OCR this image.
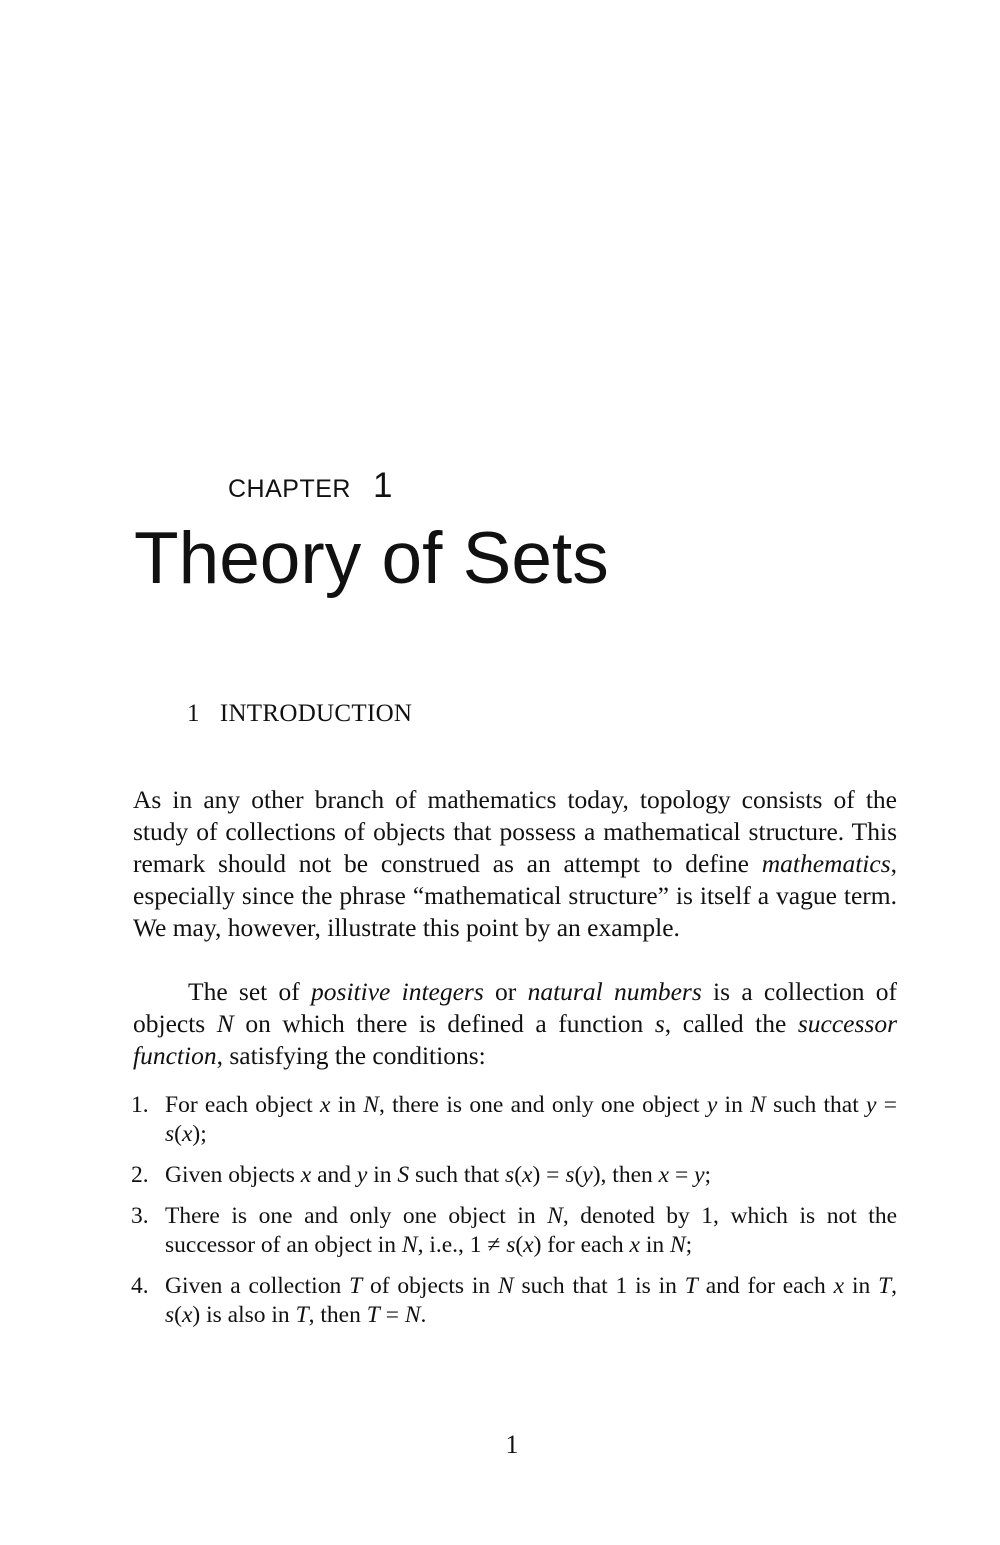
CHAPTER 1
Theory of Sets
1 INTRODUCTION

As in any other branch of mathematics today, topology consists of the study of collections of objects that possess a mathematical structure. This remark should not be construed as an attempt to define mathematics, especially since the phrase “mathematical structure” is itself a vague term. We may, however, illustrate this point by an example.

The set of positive integers or natural numbers is a collection of objects N on which there is defined a function s, called the successor function, satisfying the conditions:

1. For each object x in N, there is one and only one object y in N such that y = s(x);
2. Given objects x and y in S such that s(x) = s(y), then x = y;
3. There is one and only one object in N, denoted by 1, which is not the successor of an object in N, i.e., 1 ≠ s(x) for each x in N;
4. Given a collection T of objects in N such that 1 is in T and for each x in T, s(x) is also in T, then T = N.
1
